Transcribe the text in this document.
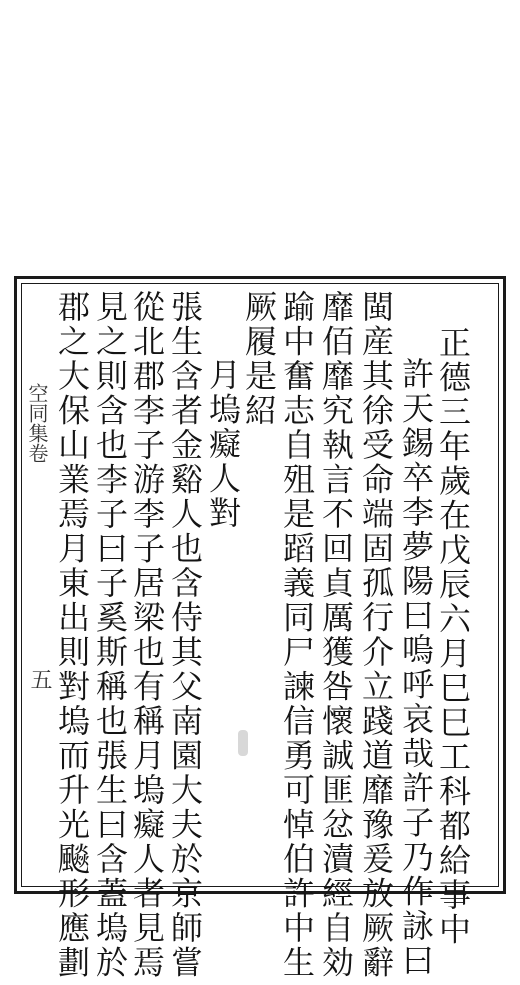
空同集卷
五	正德三年歲在戊辰六月巳巳工科都給事中
許天錫卒李夢陽曰嗚呼哀哉許子乃作詠曰
閩産其徐受命端固孤行介立踐道靡豫爰放厥辭
靡佰靡究執言不回貞厲獲咎懷誠匪忿瀆經自効
踰中奮志自殂是蹈義同尸諫信勇可悼伯許中生
厥履是紹
月塢癡人對
張生含者金谿人也含侍其父南園大夫於京師嘗
從北郡李子游李子居梁也有稱月塢癡人者見焉
見之則含也李子曰子奚斯稱也張生曰含蓋塢於
郡之大保山業焉月東出則對塢而升光飈形應劃
